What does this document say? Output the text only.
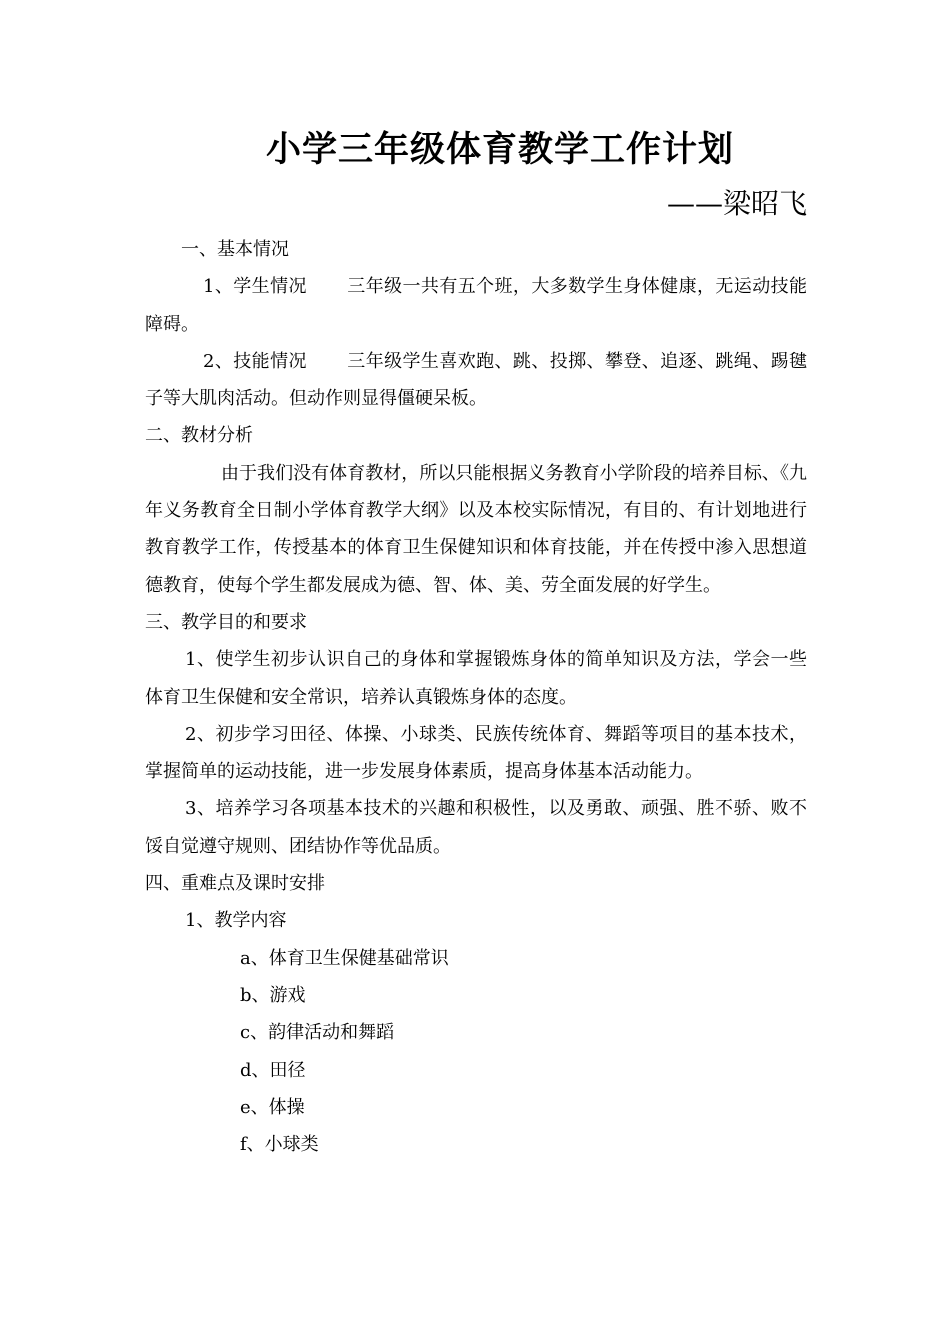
小学三年级体育教学工作计划
——梁昭飞

一、基本情况

1、学生情况 三年级一共有五个班，大多数学生身体健康，无运动技能障碍。

2、技能情况 三年级学生喜欢跑、跳、投掷、攀登、追逐、跳绳、踢毽子等大肌肉活动。但动作则显得僵硬呆板。

二、教材分析

由于我们没有体育教材，所以只能根据义务教育小学阶段的培养目标、《九年义务教育全日制小学体育教学大纲》以及本校实际情况，有目的、有计划地进行教育教学工作，传授基本的体育卫生保健知识和体育技能，并在传授中渗入思想道德教育，使每个学生都发展成为德、智、体、美、劳全面发展的好学生。

三、教学目的和要求

1、使学生初步认识自己的身体和掌握锻炼身体的简单知识及方法，学会一些体育卫生保健和安全常识，培养认真锻炼身体的态度。

2、初步学习田径、体操、小球类、民族传统体育、舞蹈等项目的基本技术，掌握简单的运动技能，进一步发展身体素质，提高身体基本活动能力。

3、培养学习各项基本技术的兴趣和积极性，以及勇敢、顽强、胜不骄、败不馁自觉遵守规则、团结协作等优品质。

四、重难点及课时安排

1、教学内容

a、体育卫生保健基础常识

b、游戏

c、韵律活动和舞蹈

d、田径

e、体操

f、小球类
